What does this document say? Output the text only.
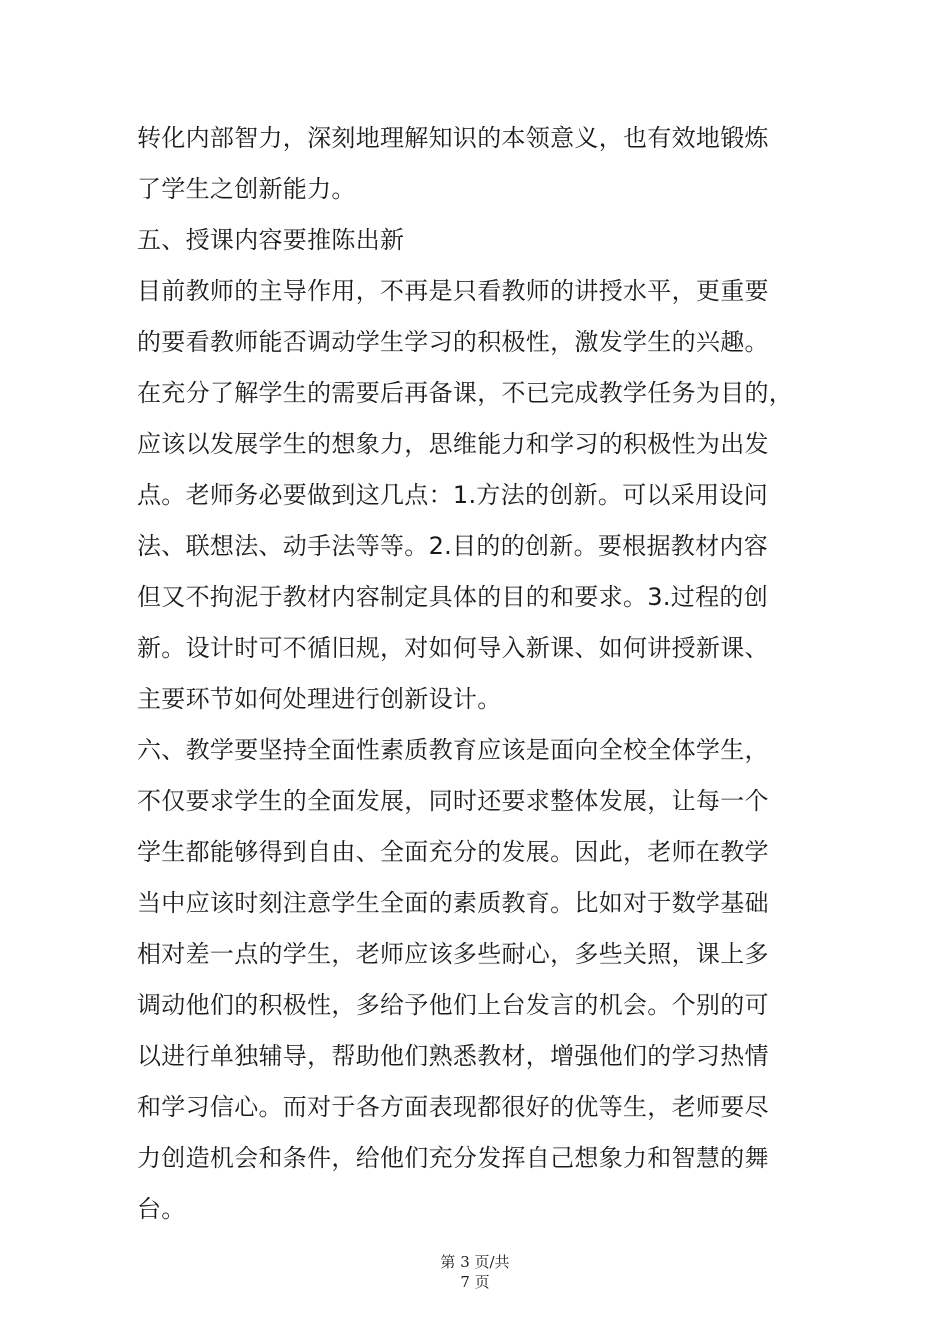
转化内部智力，深刻地理解知识的本领意义，也有效地锻炼
了学生之创新能力。
五、授课内容要推陈出新
目前教师的主导作用，不再是只看教师的讲授水平，更重要
的要看教师能否调动学生学习的积极性，激发学生的兴趣。
在充分了解学生的需要后再备课，不已完成教学任务为目的，
应该以发展学生的想象力，思维能力和学习的积极性为出发
点。老师务必要做到这几点：1.方法的创新。可以采用设问
法、联想法、动手法等等。2.目的的创新。要根据教材内容
但又不拘泥于教材内容制定具体的目的和要求。3.过程的创
新。设计时可不循旧规，对如何导入新课、如何讲授新课、
主要环节如何处理进行创新设计。
六、教学要坚持全面性素质教育应该是面向全校全体学生，
不仅要求学生的全面发展，同时还要求整体发展，让每一个
学生都能够得到自由、全面充分的发展。因此，老师在教学
当中应该时刻注意学生全面的素质教育。比如对于数学基础
相对差一点的学生，老师应该多些耐心，多些关照，课上多
调动他们的积极性，多给予他们上台发言的机会。个别的可
以进行单独辅导，帮助他们熟悉教材，增强他们的学习热情
和学习信心。而对于各方面表现都很好的优等生，老师要尽
力创造机会和条件，给他们充分发挥自己想象力和智慧的舞
台。
第 3 页/共
7 页
